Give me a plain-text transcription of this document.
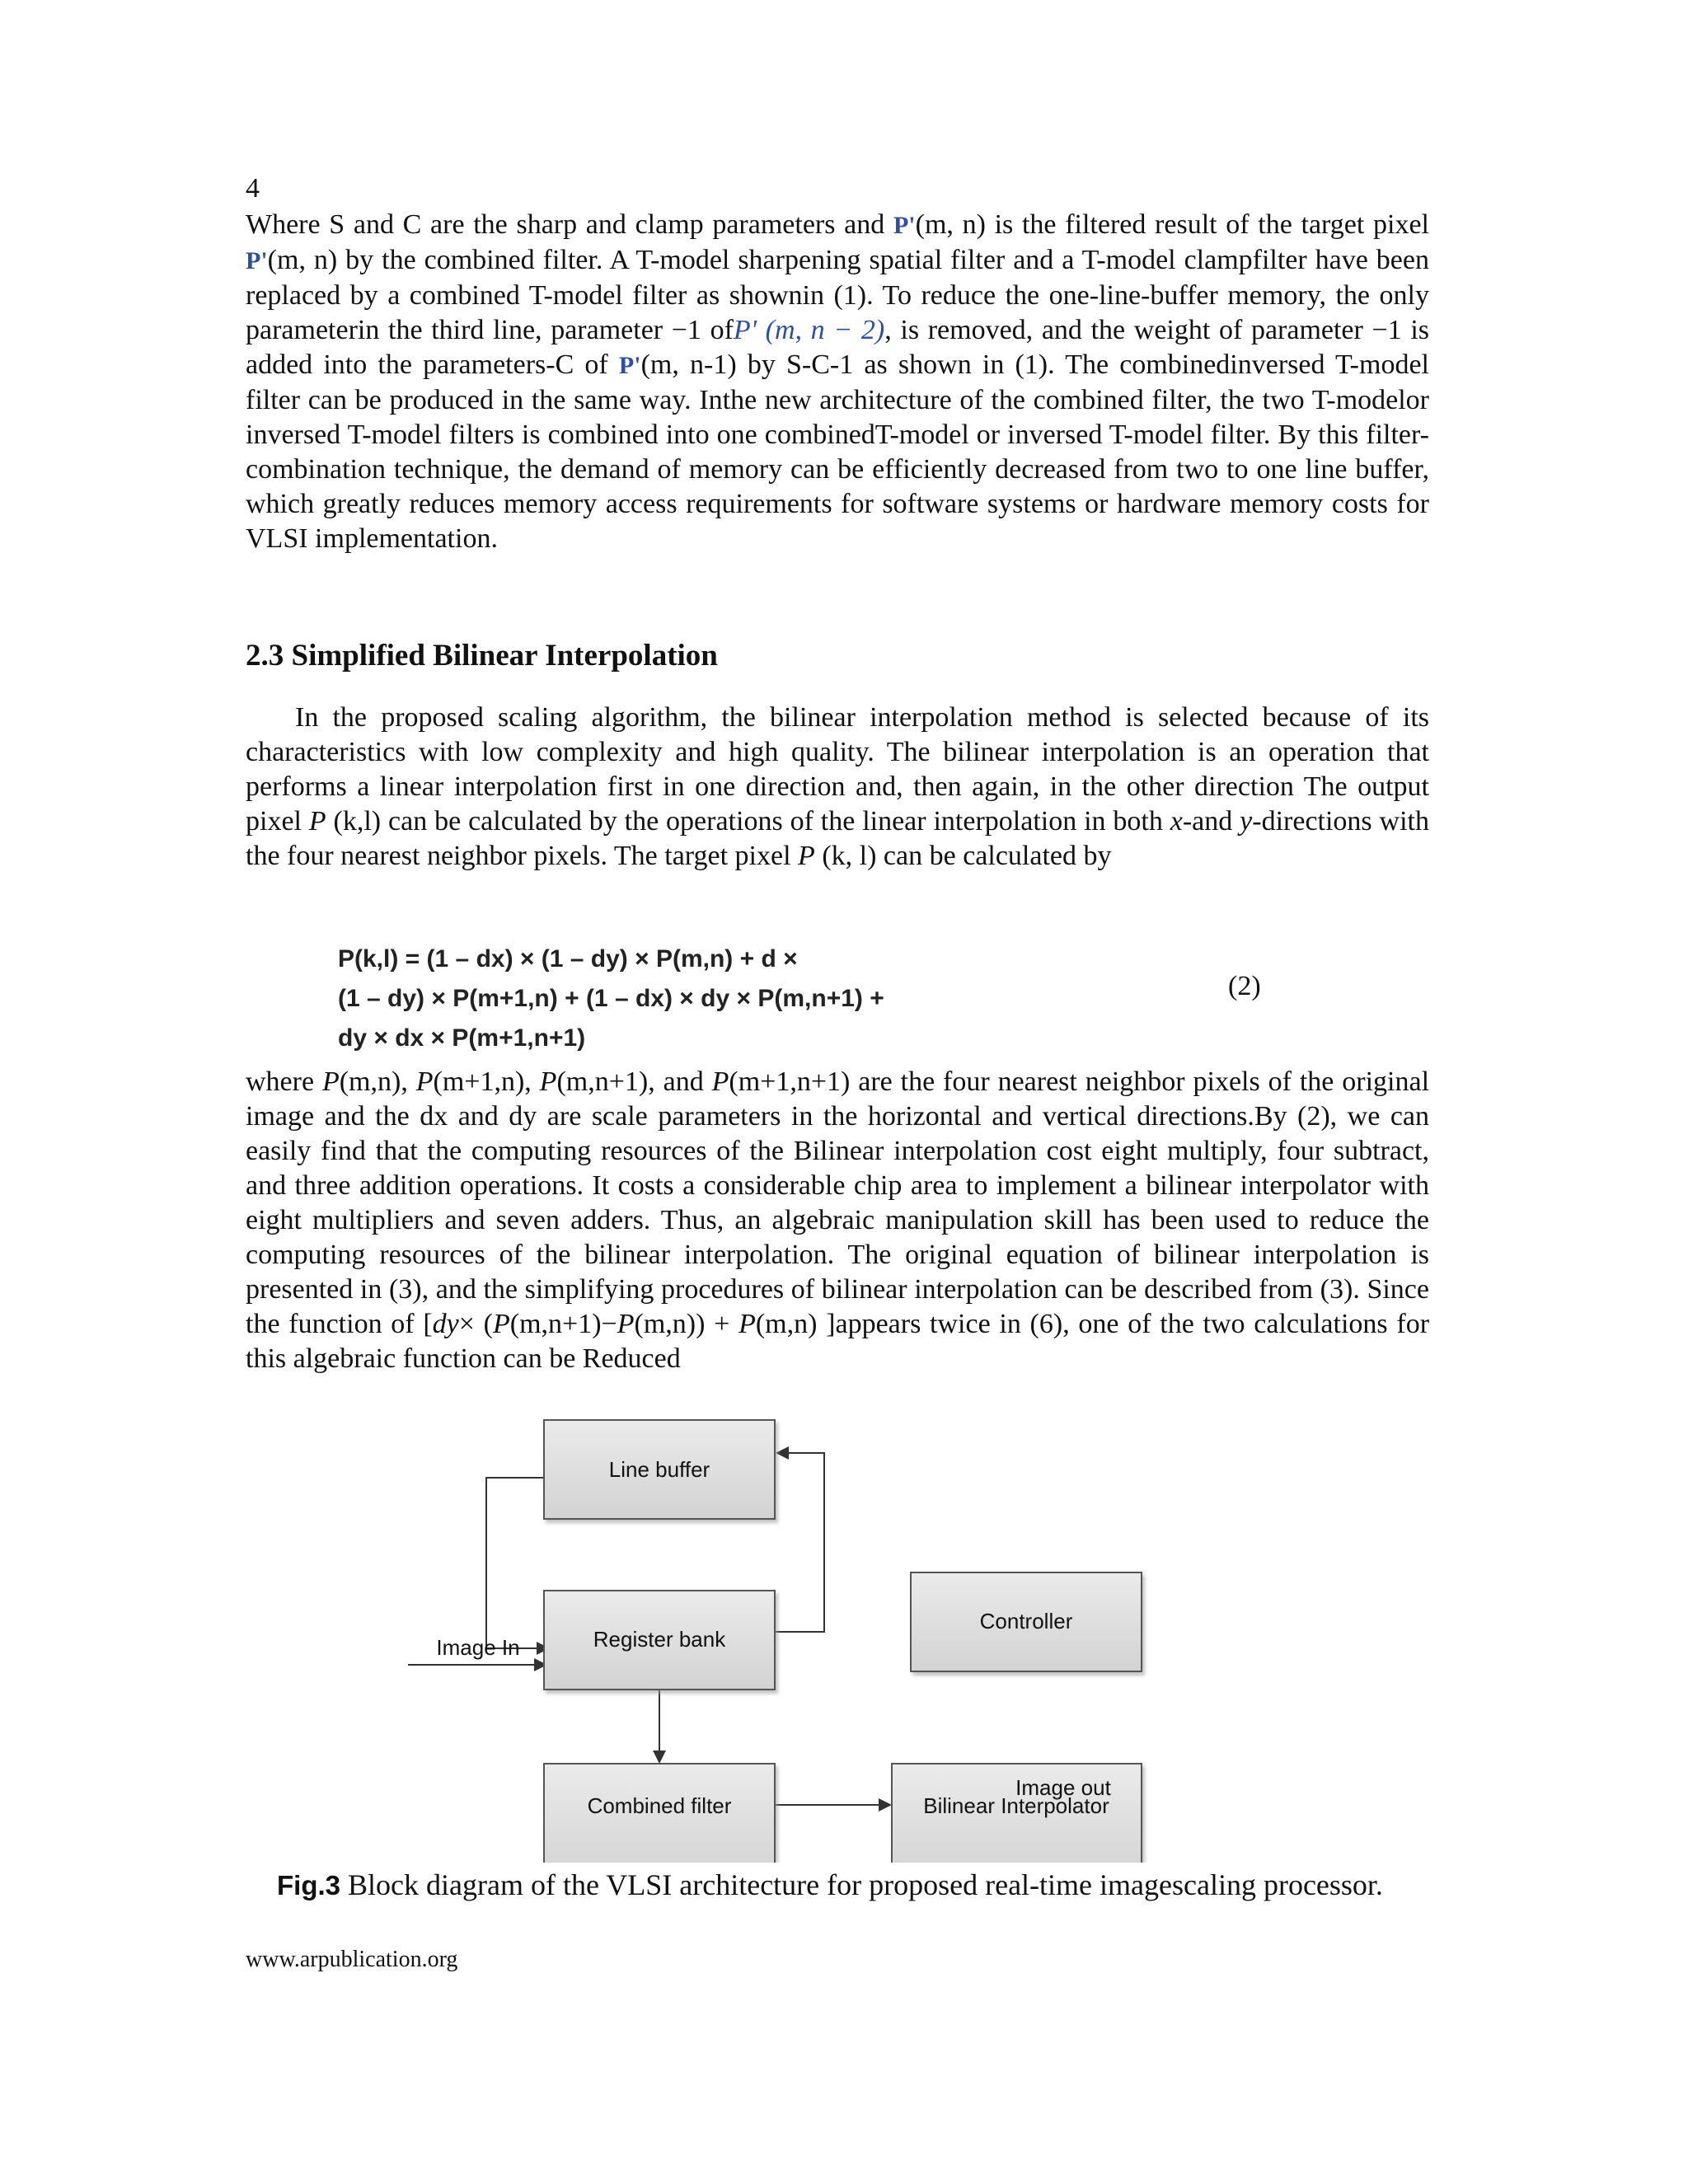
4

Where S and C are the sharp and clamp parameters and P'(m, n) is the filtered result of the target pixel P'(m, n) by the combined filter. A T-model sharpening spatial filter and a T-model clampfilter have been replaced by a combined T-model filter as shownin (1). To reduce the one-line-buffer memory, the only parameterin the third line, parameter −1 ofP' (m, n − 2), is removed, and the weight of parameter −1 is added into the parameters-C of P'(m, n-1) by S-C-1 as shown in (1). The combinedinversed T-model filter can be produced in the same way. Inthe new architecture of the combined filter, the two T-modelor inversed T-model filters is combined into one combinedT-model or inversed T-model filter. By this filter-combination technique, the demand of memory can be efficiently decreased from two to one line buffer, which greatly reduces memory access requirements for software systems or hardware memory costs for VLSI implementation.

2.3 Simplified Bilinear Interpolation

In the proposed scaling algorithm, the bilinear interpolation method is selected because of its characteristics with low complexity and high quality. The bilinear interpolation is an operation that performs a linear interpolation first in one direction and, then again, in the other direction The output pixel P (k,l) can be calculated by the operations of the linear interpolation in both x-and y-directions with the four nearest neighbor pixels. The target pixel P (k, l) can be calculated by

P(k,l) = (1 – dx) × (1 – dy) × P(m,n) + d ×
(1 – dy) × P(m+1,n) + (1 – dx) × dy × P(m,n+1) +
dy × dx × P(m+1,n+1)
(2)

where P(m,n), P(m+1,n), P(m,n+1), and P(m+1,n+1) are the four nearest neighbor pixels of the original image and the dx and dy are scale parameters in the horizontal and vertical directions.By (2), we can easily find that the computing resources of the Bilinear interpolation cost eight multiply, four subtract, and three addition operations. It costs a considerable chip area to implement a bilinear interpolator with eight multipliers and seven adders. Thus, an algebraic manipulation skill has been used to reduce the computing resources of the bilinear interpolation. The original equation of bilinear interpolation is presented in (3), and the simplifying procedures of bilinear interpolation can be described from (3). Since the function of [dy× (P(m,n+1)−P(m,n)) + P(m,n) ]appears twice in (6), one of the two calculations for this algebraic function can be Reduced

Line buffer
Register bank
Controller
Combined filter	Bilinear Interpolator
Image In
Image out
Fig.3 Block diagram of the VLSI architecture for proposed real-time imagescaling processor.
www.arpublication.org
